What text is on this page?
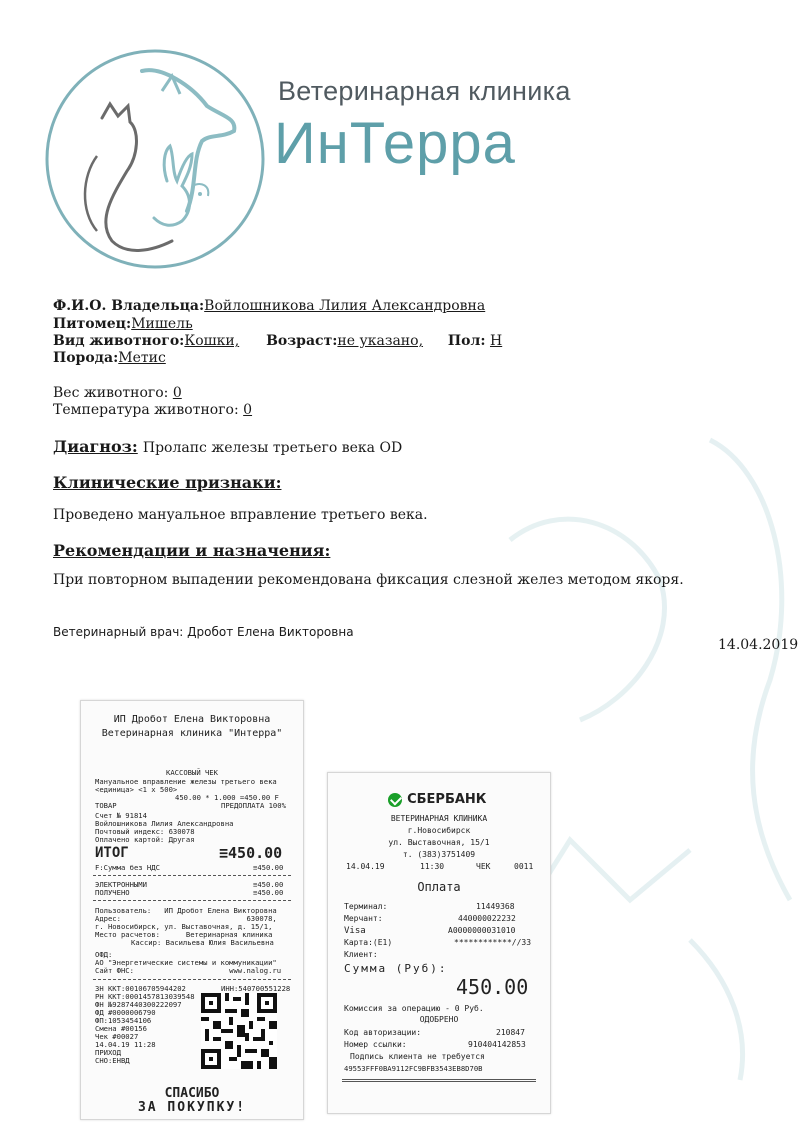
Ветеринарная клиника
ИнТерра
Ф.И.О. Владельца:Войлошникова Лилия Александровна
Питомец:Мишель
Вид животного:Кошки, Возраст:не указано, Пол: Н
Порода:Метис
Вес животного: 0
Температура животного: 0
Диагноз: Пролапс железы третьего века OD
Клинические признаки:
Проведено мануальное вправление третьего века.
Рекомендации и назначения:
При повторном выпадении рекомендована фиксация слезной желез методом якоря.
Ветеринарный врач: Дробот Елена Викторовна
14.04.2019
ИП Дробот Елена Викторовна
Ветеринарная клиника "Интерра"
КАССОВЫЙ ЧЕК
Мануальное вправление железы третьего века
<единица> <1 x 500>
450.00 * 1.000 =450.00 F
ТОВАР	ПРЕДОПЛАТА 100%
Счет № 91814
Войлошникова Лилия Александровна
Почтовый индекс: 630078
Оплачено картой: Другая
ИТОГ	≡450.00
F:Сумма без НДС	≡450.00
ЭЛЕКТРОННЫМИ	≡450.00
ПОЛУЧЕНО	≡450.00
Пользователь:   ИП Дробот Елена Викторовна
Адрес:                             630078,
г. Новосибирск, ул. Выставочная, д. 15/1,
Место расчетов:      Ветеринарная клиника
Кассир: Васильева Юлия Васильевна
ОФД:
АО "Энергетические системы и коммуникации"
Сайт ФНС:                      www.nalog.ru
ЗН ККТ:00106705944202	ИНН:540700551228
РН ККТ:0001457813039548
ФН №9287440300222097
ФД #0000006790
ФП:1053454106
Смена #00156
Чек #00027
14.04.19 11:28
ПРИХОД
СНО:ЕНВД
СПАСИБО
ЗА ПОКУПКУ!
СБЕРБАНК
ВЕТЕРИНАРНАЯ КЛИНИКА
г.Новосибирск
ул. Выставочная, 15/1
т. (383)3751409
14.04.19	11:30	ЧЕК	0011
Оплата
Терминал:	11449368
Мерчант:	440000022232
Visa	A0000000031010
Карта:(E1)	************//33
Клиент:
Сумма (Руб):
450.00
Комиссия за операцию - 0 Руб.
ОДОБРЕНО
Код авторизации:	210847
Номер ссылки:	910404142853
Подпись клиента не требуется
49553FFF0BA9112FC9BFB3543EB8D70B
